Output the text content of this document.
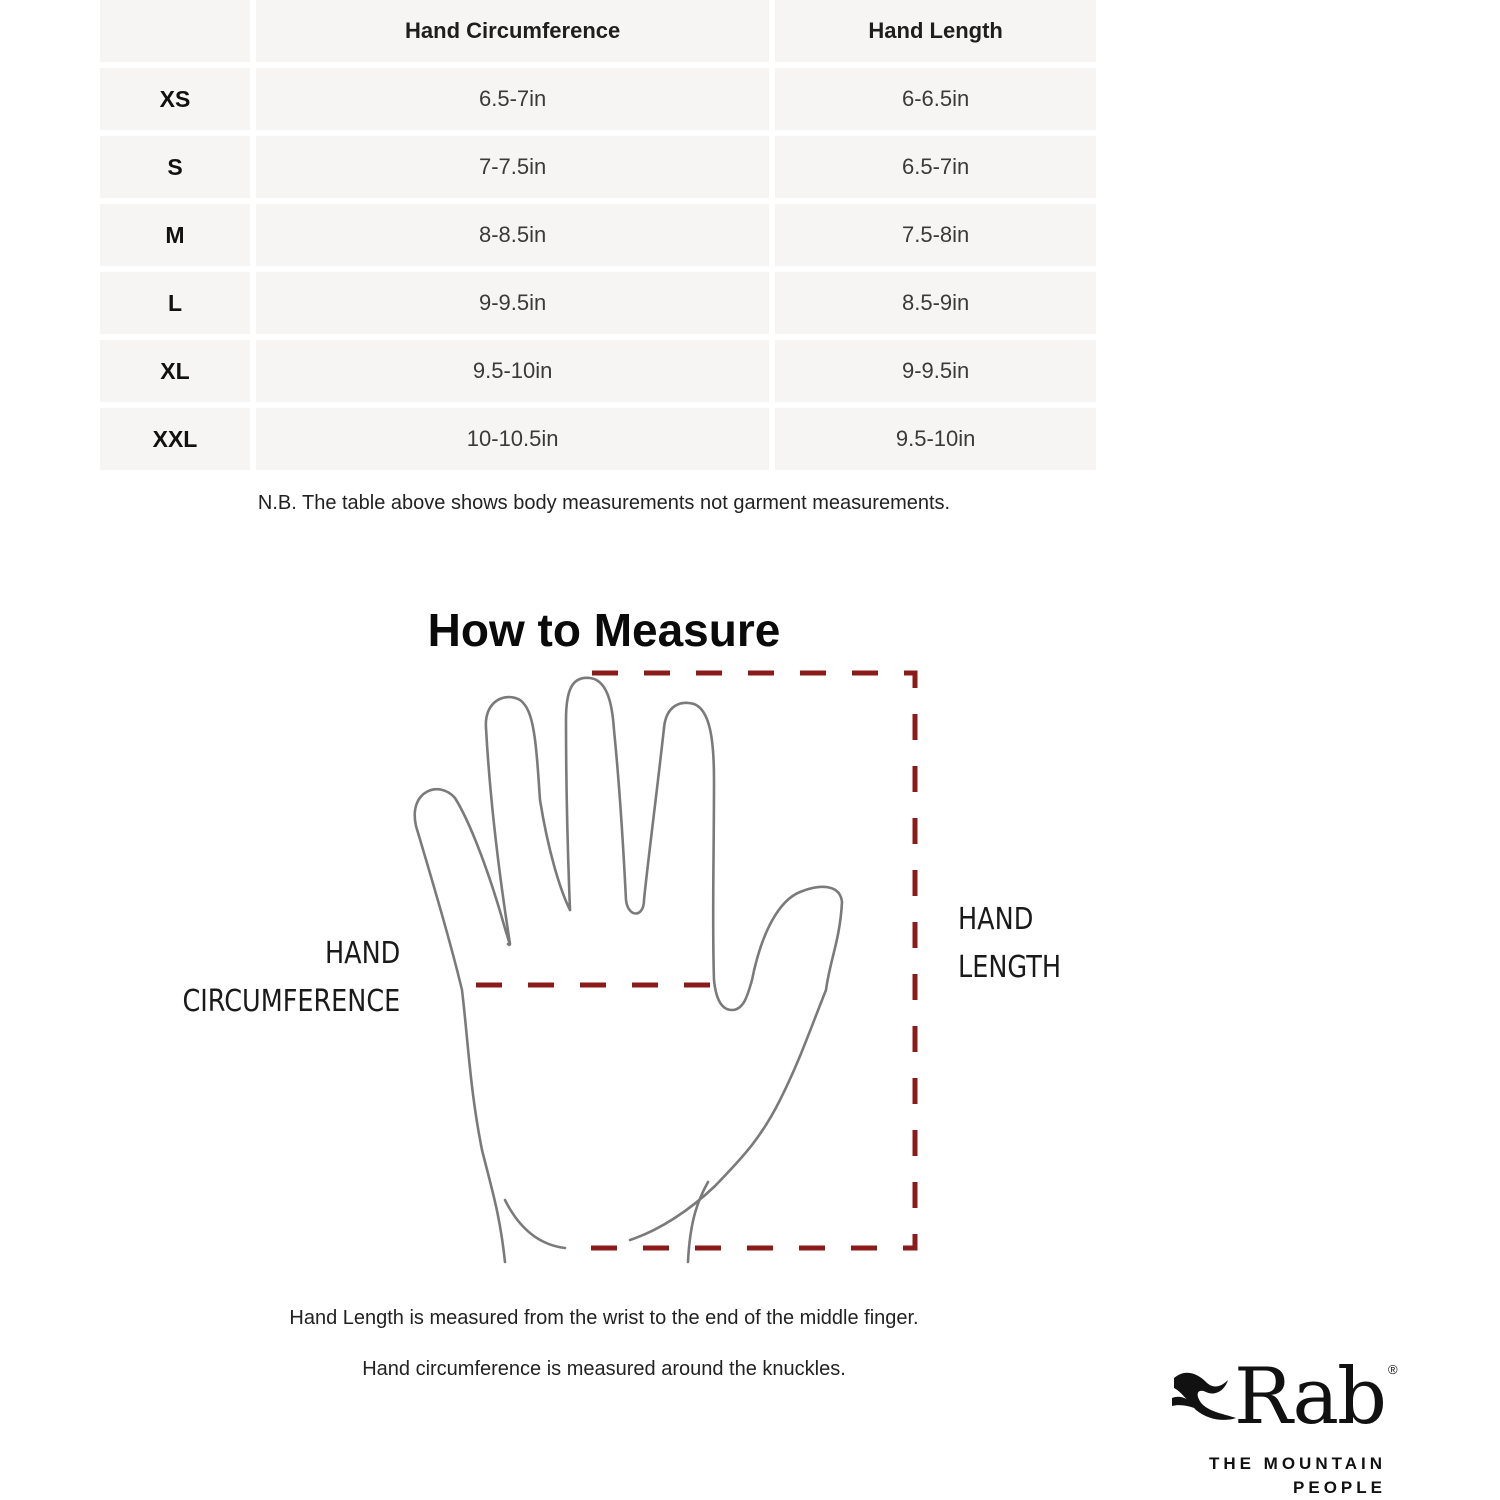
	Hand Circumference	Hand Length
XS	6.5-7in	6-6.5in
S	7-7.5in	6.5-7in
M	8-8.5in	7.5-8in
L	9-9.5in	8.5-9in
XL	9.5-10in	9-9.5in
XXL	10-10.5in	9.5-10in
N.B. The table above shows body measurements not garment measurements.
How to Measure
HAND
CIRCUMFERENCE
HAND
LENGTH
Hand Length is measured from the wrist to the end of the middle finger.
Hand circumference is measured around the knuckles.	Rab ®
THE MOUNTAIN
PEOPLE
